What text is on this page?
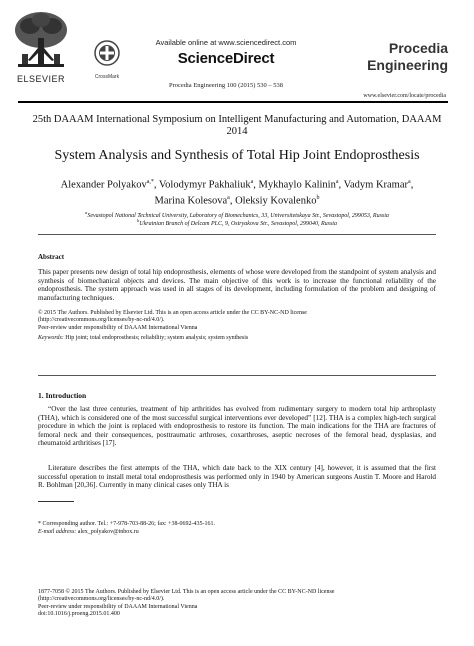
ELSEVIER	CrossMark
Available online at www.sciencedirect.com
ScienceDirect
Procedia Engineering 100 (2015) 530 – 538
Procedia
Engineering
www.elsevier.com/locate/procedia
25th DAAAM International Symposium on Intelligent Manufacturing and Automation, DAAAM 2014
System Analysis and Synthesis of Total Hip Joint Endoprosthesis
Alexander Polyakov$^{a,*}$, Volodymyr Pakhaliuk$^a$, Mykhaylo Kalinin$^a$, Vadym Kramar$^a$,
Marina Kolesova$^a$, Oleksiy Kovalenko$^b$
$^a$Sevastopol National Technical University, Laboratory of Biomechanics, 33, Universitetskaya Str., Sevastopol, 299053, Russia
$^b$Ukrainian Branch of Delcam PLC, 9, Ostryakova Str., Sevastopol, 299040, Russia
Abstract
This paper presents new design of total hip endoprosthesis, elements of whose were developed from the standpoint of system analysis and synthesis of biomechanical objects and devices. The main objective of this work is to increase the functional reliability of the endoprosthesis. The system approach was used in all stages of its development, including formulation of the problem and designing of manufacturing techniques.
© 2015 The Authors. Published by Elsevier Ltd. This is an open access article under the CC BY-NC-ND license
(http://creativecommons.org/licenses/by-nc-nd/4.0/).
Peer-review under responsibility of DAAAM International Vienna
Keywords: Hip joint; total endoprosthesis; reliability; system analysis; system synthesis
1. Introduction
“Over the last three centuries, treatment of hip arthritides has evolved from rudimentary surgery to modern total hip arthroplasty (THA), which is considered one of the most successful surgical interventions ever developed” [12]. THA is a complex high-tech surgical procedure in which the joint is replaced with endoprosthesis to restore its function. The main indications for the THA are fractures of femoral neck and their consequences, posttraumatic arthroses, coxarthroses, aseptic necroses of the femoral head, dysplasias, and rheumatoid arthritises [17].
Literature describes the first attempts of the THA, which date back to the XIX century [4], however, it is assumed that the first successful operation to install metal total endoprosthesis was performed only in 1940 by American surgeons Austin T. Moore and Harold R. Bohlman [20,36]. Currently in many clinical cases only THA is
* Corresponding author. Tel.: +7-978-703-88-26; fax: +38-0692-435-161.
E-mail address: alex_polyakov@inbox.ru
1877-7058 © 2015 The Authors. Published by Elsevier Ltd. This is an open access article under the CC BY-NC-ND license
(http://creativecommons.org/licenses/by-nc-nd/4.0/).
Peer-review under responsibility of DAAAM International Vienna
doi:10.1016/j.proeng.2015.01.400
